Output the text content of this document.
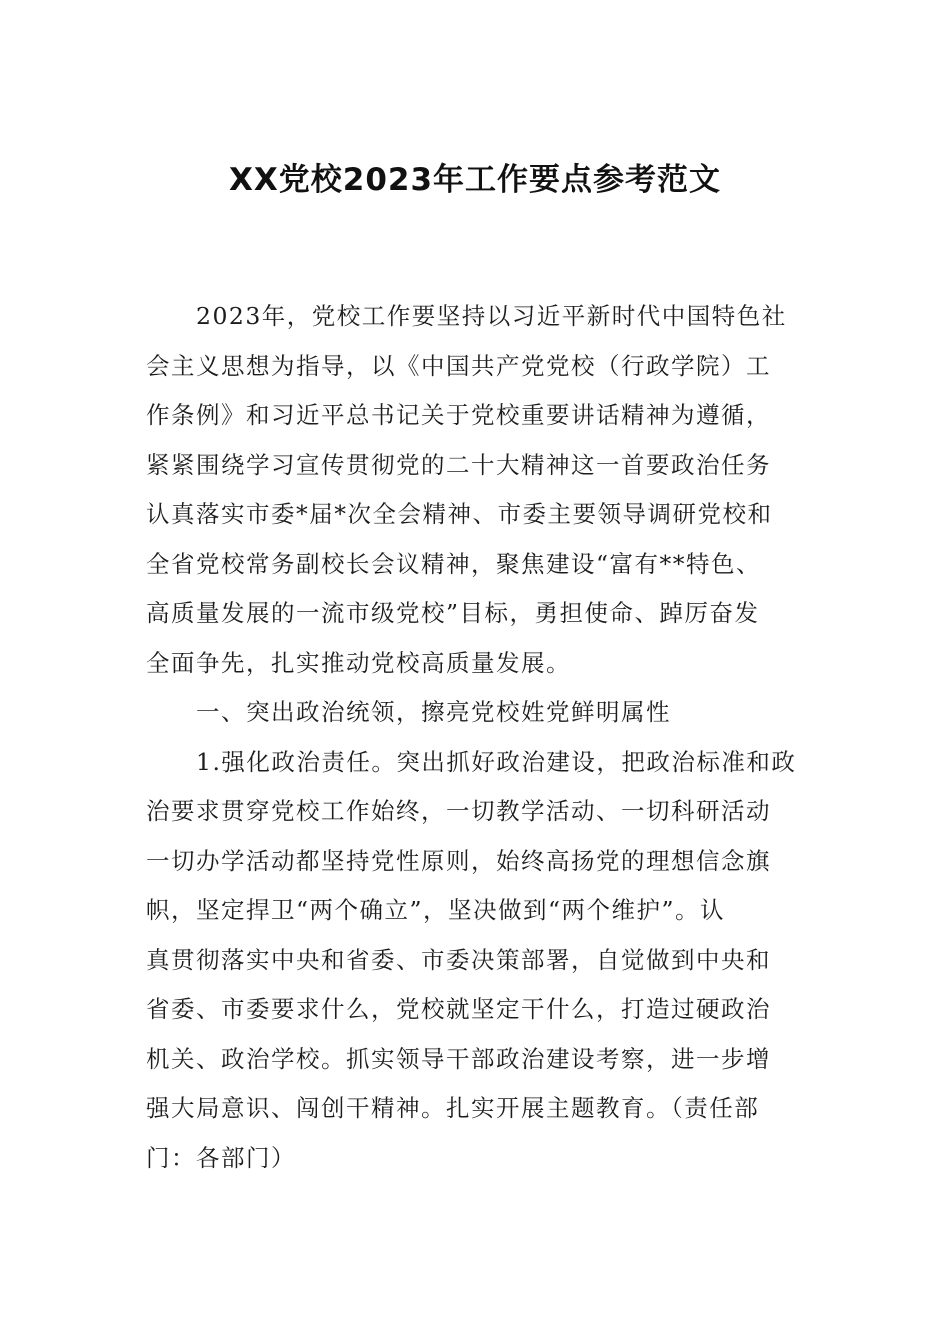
XX党校2023年工作要点参考范文
2023年，党校工作要坚持以习近平新时代中国特色社
会主义思想为指导，以《中国共产党党校（行政学院）工
作条例》和习近平总书记关于党校重要讲话精神为遵循，
紧紧围绕学习宣传贯彻党的二十大精神这一首要政治任务
认真落实市委*届*次全会精神、市委主要领导调研党校和
全省党校常务副校长会议精神，聚焦建设“富有**特色、
高质量发展的一流市级党校”目标，勇担使命、踔厉奋发
全面争先，扎实推动党校高质量发展。
一、突出政治统领，擦亮党校姓党鲜明属性
1.强化政治责任。突出抓好政治建设，把政治标准和政
治要求贯穿党校工作始终，一切教学活动、一切科研活动
一切办学活动都坚持党性原则，始终高扬党的理想信念旗
帜，坚定捍卫“两个确立”，坚决做到“两个维护”。认
真贯彻落实中央和省委、市委决策部署，自觉做到中央和
省委、市委要求什么，党校就坚定干什么，打造过硬政治
机关、政治学校。抓实领导干部政治建设考察，进一步增
强大局意识、闯创干精神。扎实开展主题教育。（责任部
门：各部门）
